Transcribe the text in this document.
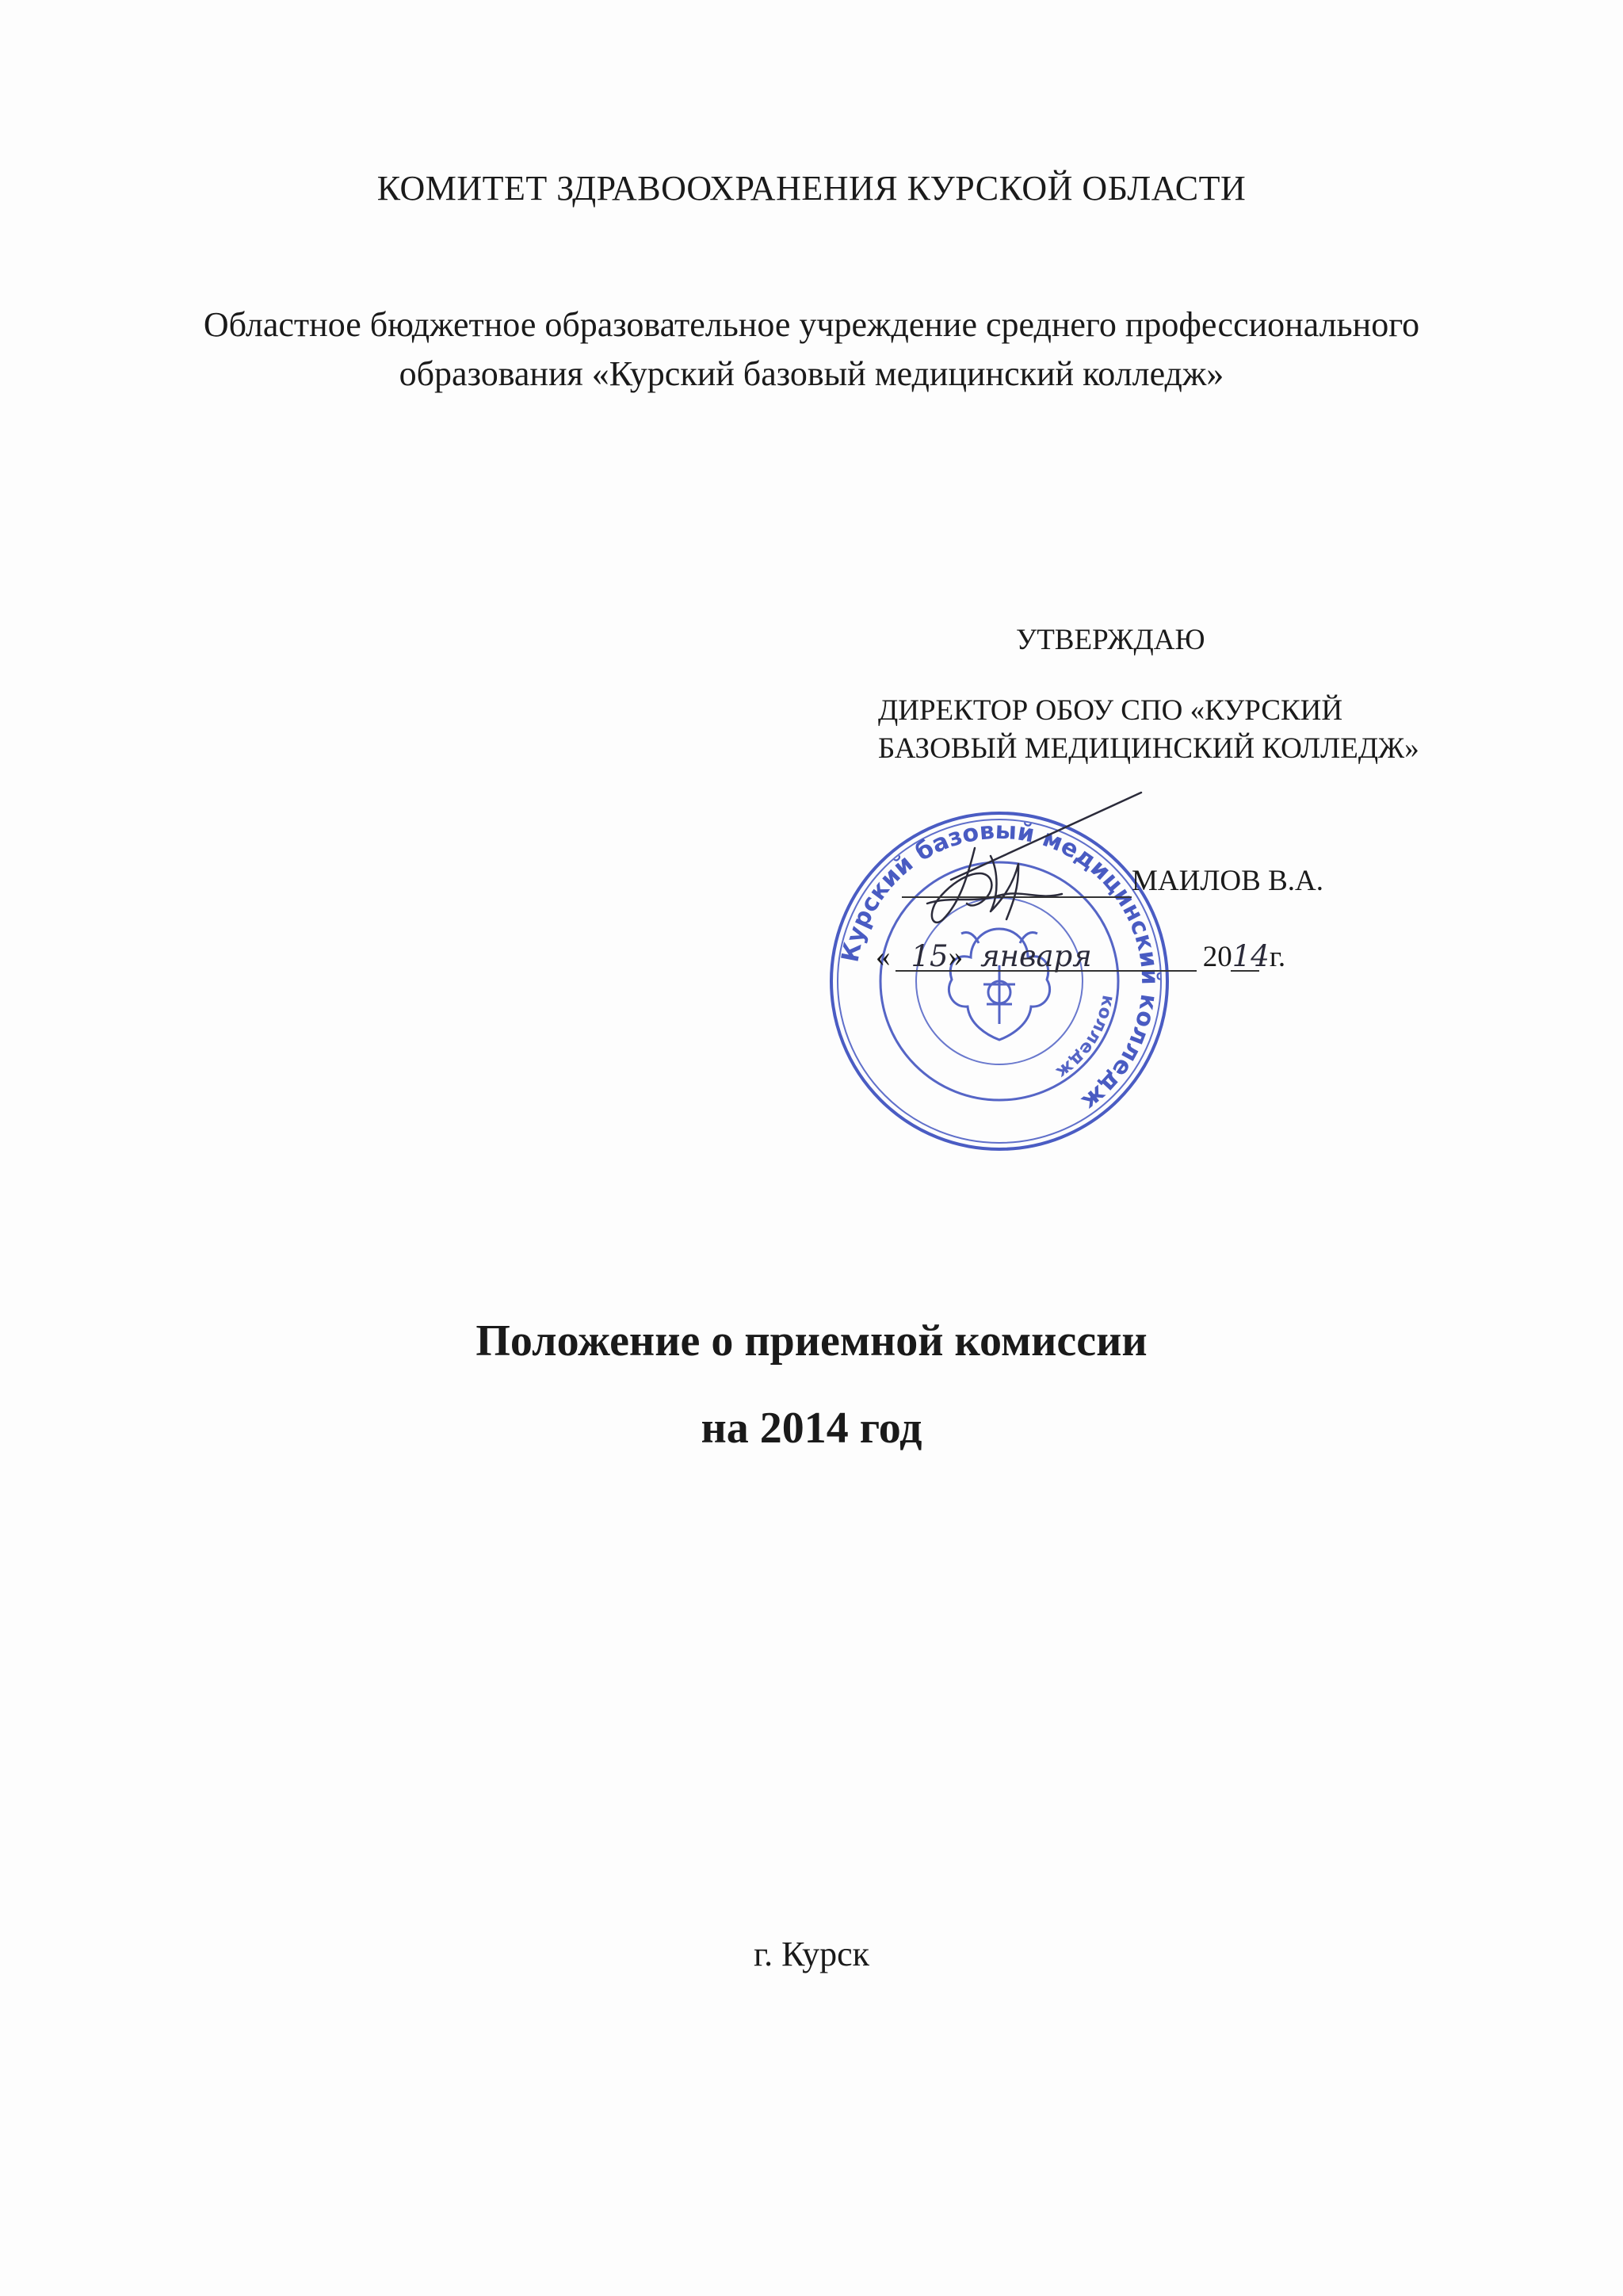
КОМИТЕТ ЗДРАВООХРАНЕНИЯ КУРСКОЙ ОБЛАСТИ
Областное бюджетное образовательное учреждение среднего профессионального
образования «Курский базовый медицинский колледж»
УТВЕРЖДАЮ
ДИРЕКТОР ОБОУ СПО «КУРСКИЙ
БАЗОВЫЙ МЕДИЦИНСКИЙ КОЛЛЕДЖ»
Курский базовый медицинский колледж
колледж
МАИЛОВ В.А.
« 15» января	2014г.
Положение о приемной комиссии
на 2014 год
г. Курск
